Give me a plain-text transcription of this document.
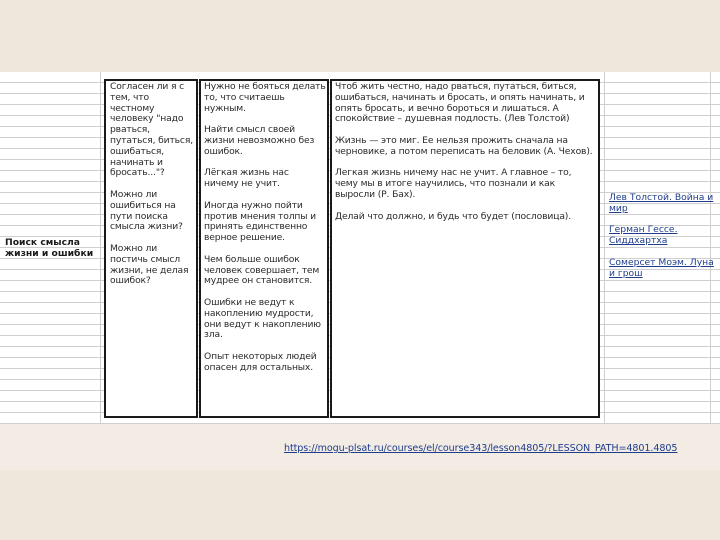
Поиск смысла жизни и ошибки

Согласен ли я с тем, что честному человеку "надо рваться, путаться, биться, ошибаться, начинать и бросать..."?

Можно ли ошибиться на пути поиска смысла жизни?

Можно ли постичь смысл жизни, не делая ошибок?

Нужно не бояться делать то, что считаешь нужным.

Найти смысл своей жизни невозможно без ошибок.

Лёгкая жизнь нас ничему не учит.

Иногда нужно пойти против мнения толпы и принять единственно верное решение.

Чем больше ошибок человек совершает, тем мудрее он становится.

Ошибки не ведут к накоплению мудрости, они ведут к накоплению зла.

Опыт некоторых людей опасен для остальных.

Чтоб жить честно, надо рваться, путаться, биться, ошибаться, начинать и бросать, и опять начинать, и опять бросать, и вечно бороться и лишаться. А спокойствие – душевная подлость. (Лев Толстой)

Жизнь — это миг. Ее нельзя прожить сначала на черновике, а потом переписать на беловик (А. Чехов).

Легкая жизнь ничему нас не учит. А главное – то, чему мы в итоге научились, что познали и как выросли (Р. Бах).

Делай что должно, и будь что будет (пословица).

Лев Толстой. Война и мир
Герман Гессе. Сиддхартха
Сомерсет Моэм. Луна и грош
https://mogu-plsat.ru/courses/el/course343/lesson4805/?LESSON_PATH=4801.4805
